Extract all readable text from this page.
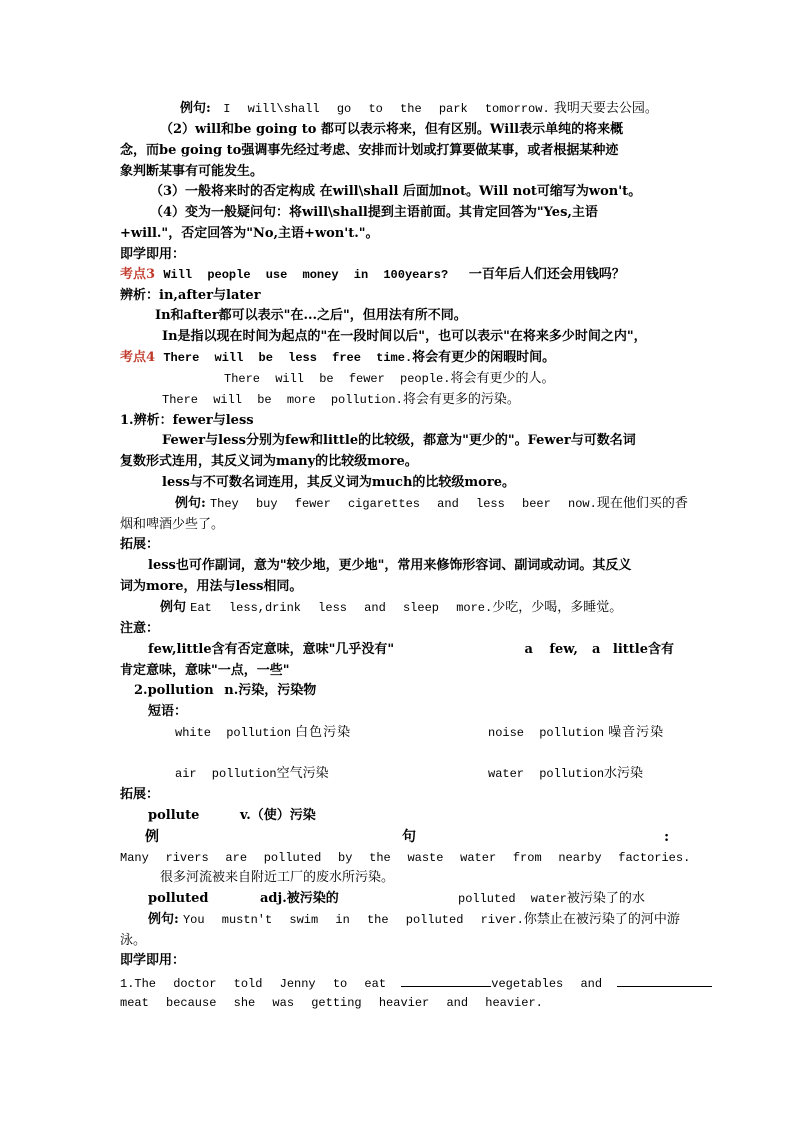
例句: I will\shall go to the park tomorrow. 我明天要去公园。
（2）will和be going to 都可以表示将来，但有区别。Will表示单纯的将来概
念，而be going to强调事先经过考虑、安排而计划或打算要做某事，或者根据某种迹
象判断某事有可能发生。
（3）一般将来时的否定构成 在will\shall 后面加not。Will not可缩写为won't。
（4）变为一般疑问句：将will\shall提到主语前面。其肯定回答为"Yes,主语
+will."，否定回答为"No,主语+won't."。
即学即用：
考点3 Will people use money in 100years? 一百年后人们还会用钱吗？
辨析：in,after与later
In和after都可以表示"在...之后"，但用法有所不同。
In是指以现在时间为起点的"在一段时间以后"，也可以表示"在将来多少时间之内"，
考点4 There will be less free time.将会有更少的闲暇时间。
There will be fewer people.将会有更少的人。
There will be more pollution.将会有更多的污染。
1.辨析：fewer与less
Fewer与less分别为few和little的比较级，都意为"更少的"。Fewer与可数名词
复数形式连用，其反义词为many的比较级more。
less与不可数名词连用，其反义词为much的比较级more。
例句: They buy fewer cigarettes and less beer now.现在他们买的香
烟和啤酒少些了。
拓展：
less也可作副词，意为"较少地，更少地"，常用来修饰形容词、副词或动词。其反义
词为more，用法与less相同。
例句 Eat less,drink less and sleep more.少吃，少喝，多睡觉。
注意：
few,little含有否定意味，意味"几乎没有"	a few, a little含有
肯定意味，意味"一点，一些"
2.pollution n.污染，污染物
短语：
white pollution 白色污染	noise pollution 噪音污染
air pollution空气污染	water pollution水污染
拓展：
pollute	v.（使）污染
例	句	:
Many rivers are polluted by the waste water from nearby factories.
很多河流被来自附近工厂的废水所污染。
polluted	adj.被污染的	polluted water被污染了的水
例句: You mustn't swim in the polluted river.你禁止在被污染了的河中游
泳。
即学即用：
1.The doctor told Jenny to eat	vegetables and
meat because she was getting heavier and heavier.
